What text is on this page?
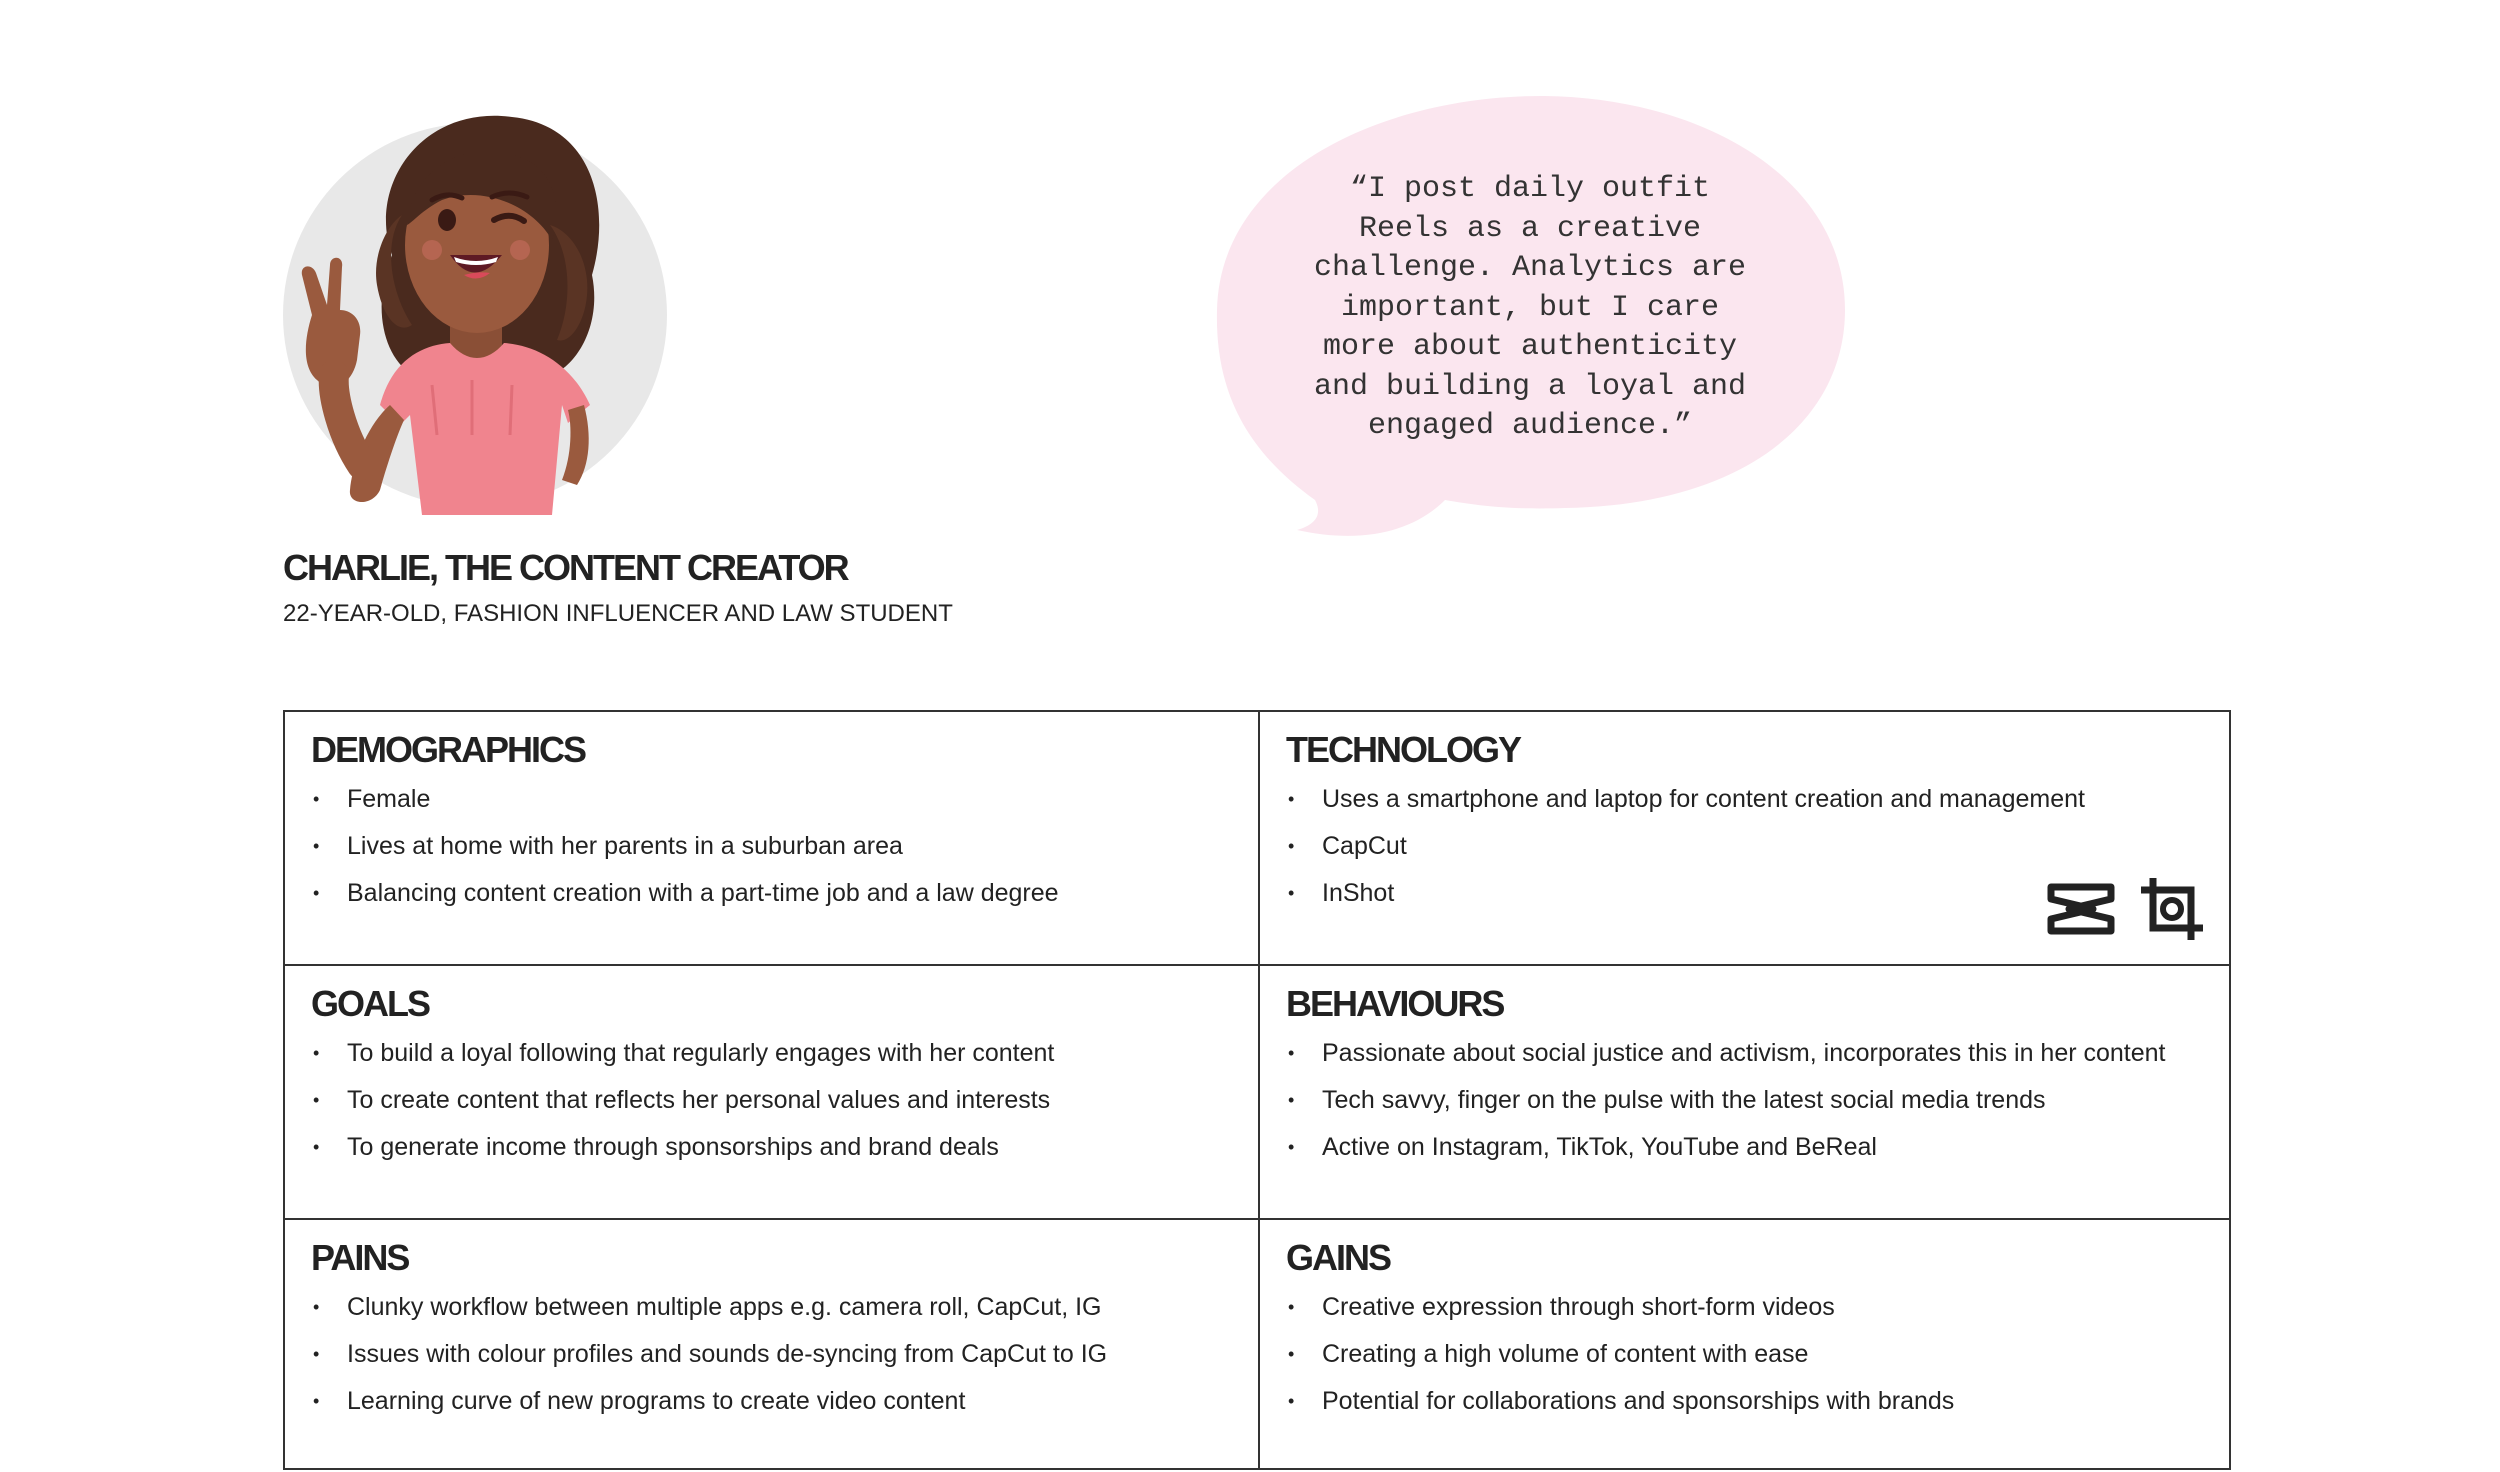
“I post daily outfit
Reels as a creative
challenge. Analytics are
important, but I care
more about authenticity
and building a loyal and
engaged audience.”
CHARLIE, THE CONTENT CREATOR
22-YEAR-OLD, FASHION INFLUENCER AND LAW STUDENT
DEMOGRAPHICS
• Female
• Lives at home with her parents in a suburban area
• Balancing content creation with a part-time job and a law degree
TECHNOLOGY
• Uses a smartphone and laptop for content creation and management
• CapCut
• InShot
GOALS
• To build a loyal following that regularly engages with her content
• To create content that reflects her personal values and interests
• To generate income through sponsorships and brand deals
BEHAVIOURS
• Passionate about social justice and activism, incorporates this in her content
• Tech savvy, finger on the pulse with the latest social media trends
• Active on Instagram, TikTok, YouTube and BeReal
PAINS
• Clunky workflow between multiple apps e.g. camera roll, CapCut, IG
• Issues with colour profiles and sounds de-syncing from CapCut to IG
• Learning curve of new programs to create video content
GAINS
• Creative expression through short-form videos
• Creating a high volume of content with ease
• Potential for collaborations and sponsorships with brands
